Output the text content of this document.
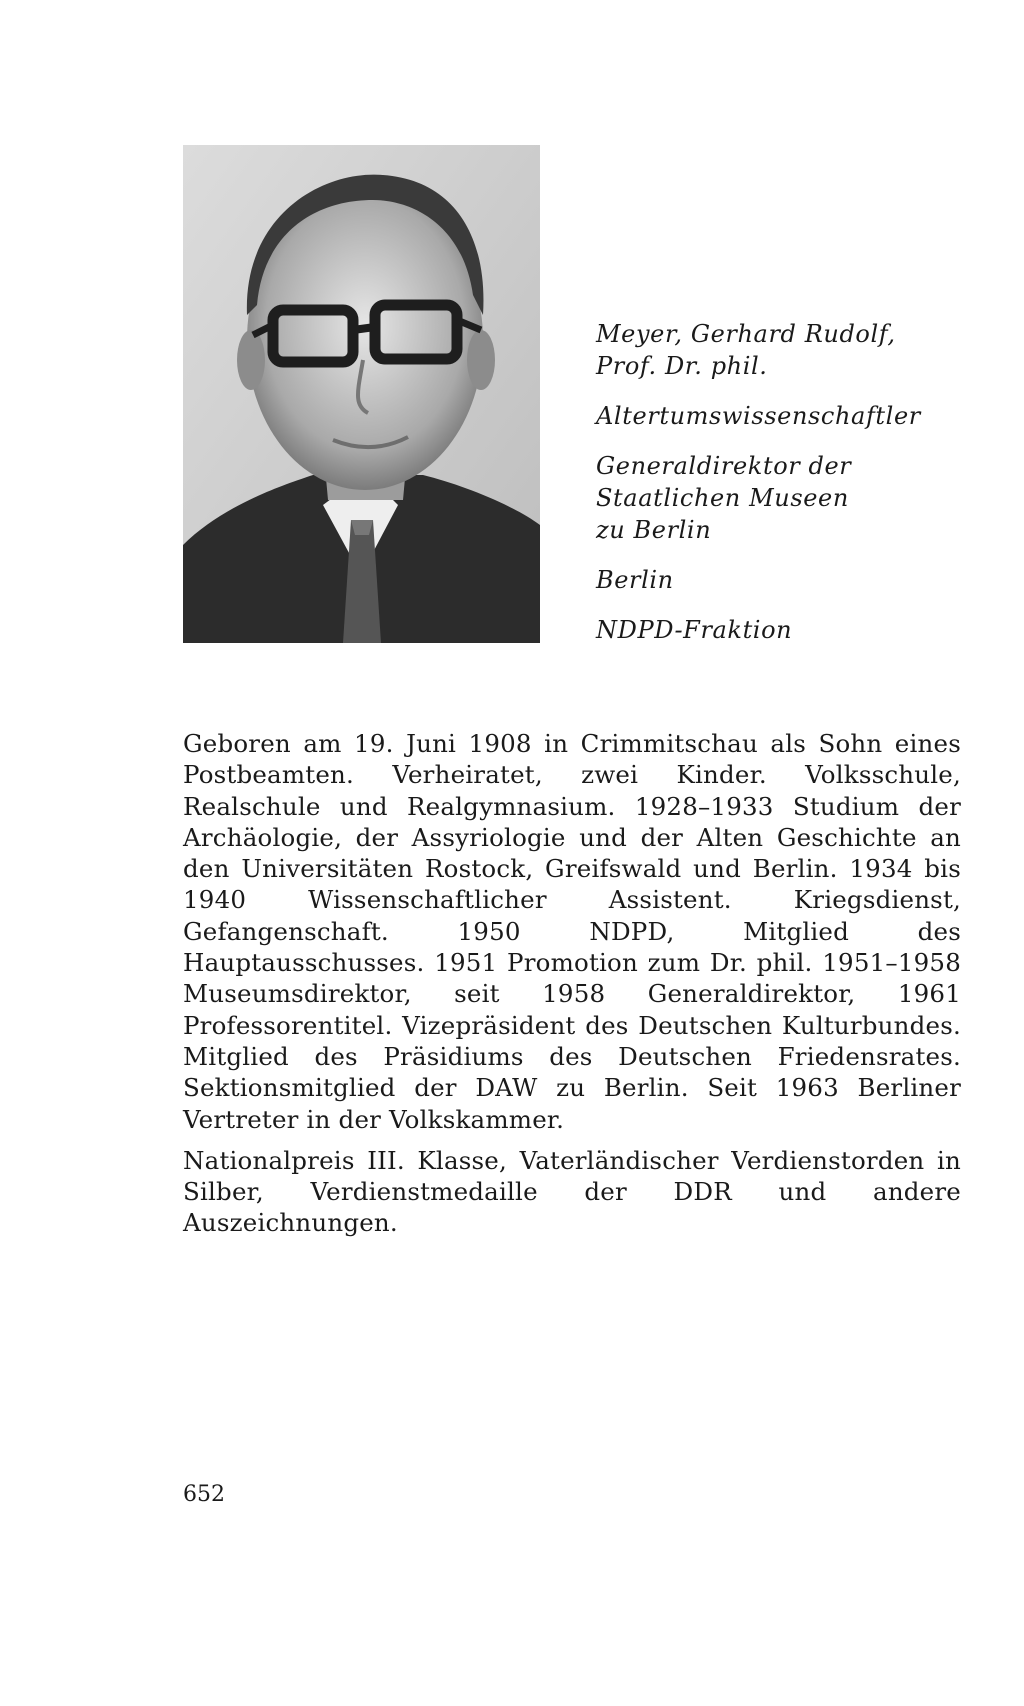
Meyer, Gerhard Rudolf,
Prof. Dr. phil.
Altertumswissenschaftler
Generaldirektor der
Staatlichen Museen
zu Berlin
Berlin
NDPD-Fraktion

Geboren am 19. Juni 1908 in Crimmitschau als Sohn eines Postbeamten. Verheiratet, zwei Kinder. Volksschule, Realschule und Realgymnasium. 1928–1933 Studium der Archäologie, der Assyriologie und der Alten Geschichte an den Universitäten Rostock, Greifswald und Berlin. 1934 bis 1940 Wissenschaftlicher Assistent. Kriegsdienst, Gefangenschaft. 1950 NDPD, Mitglied des Hauptausschusses. 1951 Promotion zum Dr. phil. 1951–1958 Museumsdirektor, seit 1958 Generaldirektor, 1961 Professorentitel. Vizepräsident des Deutschen Kulturbundes. Mitglied des Präsidiums des Deutschen Friedensrates. Sektionsmitglied der DAW zu Berlin. Seit 1963 Berliner Vertreter in der Volkskammer.

Nationalpreis III. Klasse, Vaterländischer Verdienstorden in Silber, Verdienstmedaille der DDR und andere Auszeichnungen.

652
